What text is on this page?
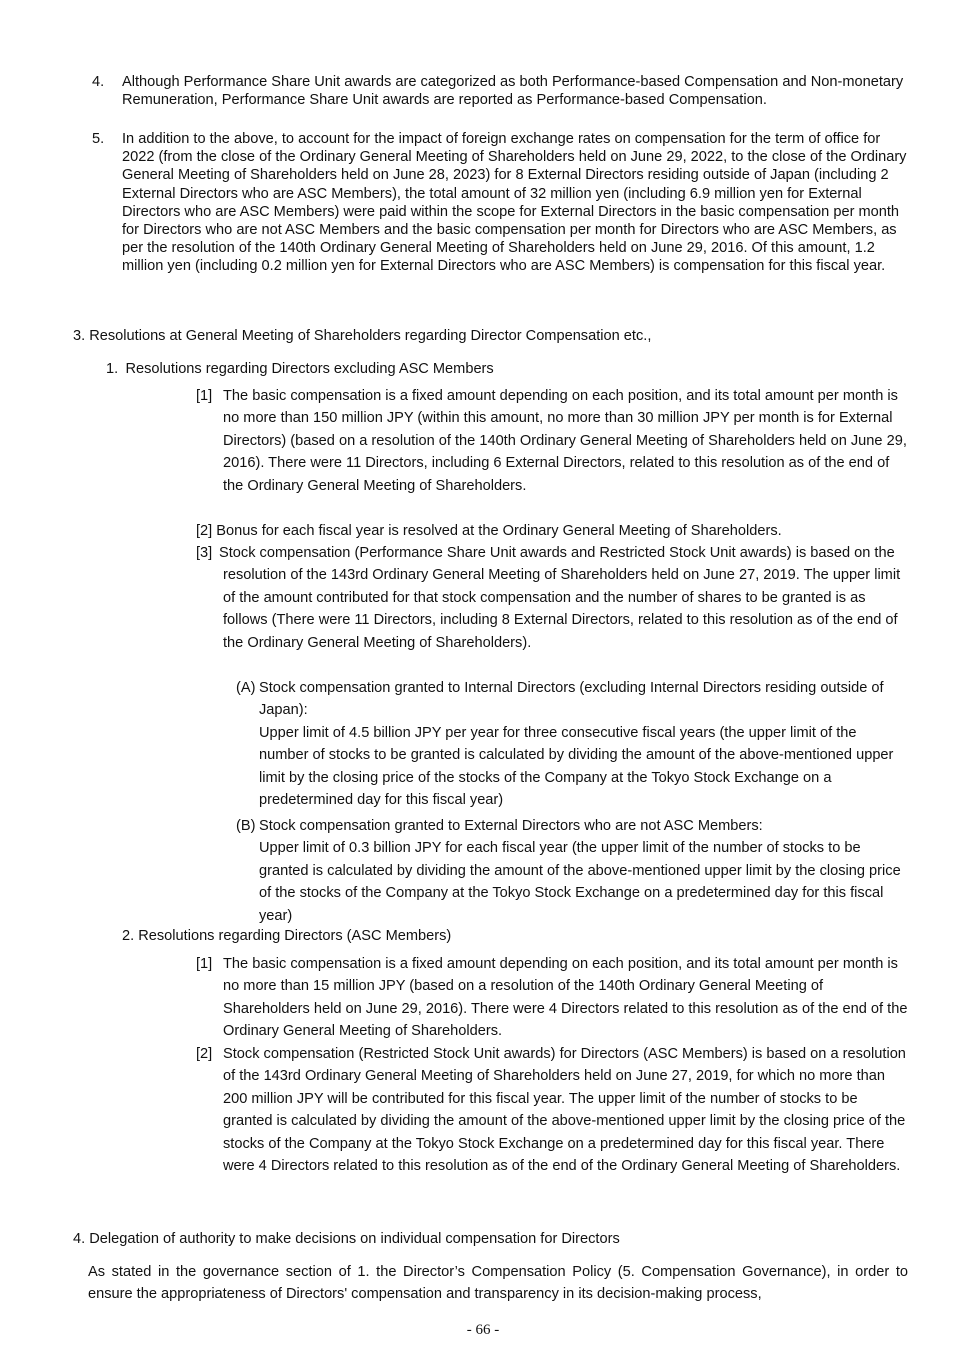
4. Although Performance Share Unit awards are categorized as both Performance-based Compensation and Non-monetary Remuneration, Performance Share Unit awards are reported as Performance-based Compensation.
5. In addition to the above, to account for the impact of foreign exchange rates on compensation for the term of office for 2022 (from the close of the Ordinary General Meeting of Shareholders held on June 29, 2022, to the close of the Ordinary General Meeting of Shareholders held on June 28, 2023) for 8 External Directors residing outside of Japan (including 2 External Directors who are ASC Members), the total amount of 32 million yen (including 6.9 million yen for External Directors who are ASC Members) were paid within the scope for External Directors in the basic compensation per month for Directors who are not ASC Members and the basic compensation per month for Directors who are ASC Members, as per the resolution of the 140th Ordinary General Meeting of Shareholders held on June 29, 2016. Of this amount, 1.2 million yen (including 0.2 million yen for External Directors who are ASC Members) is compensation for this fiscal year.
3. Resolutions at General Meeting of Shareholders regarding Director Compensation etc.,
1. Resolutions regarding Directors excluding ASC Members
[1] The basic compensation is a fixed amount depending on each position, and its total amount per month is no more than 150 million JPY (within this amount, no more than 30 million JPY per month is for External Directors) (based on a resolution of the 140th Ordinary General Meeting of Shareholders held on June 29, 2016). There were 11 Directors, including 6 External Directors, related to this resolution as of the end of the Ordinary General Meeting of Shareholders.
[2] Bonus for each fiscal year is resolved at the Ordinary General Meeting of Shareholders.
[3] Stock compensation (Performance Share Unit awards and Restricted Stock Unit awards) is based on the resolution of the 143rd Ordinary General Meeting of Shareholders held on June 27, 2019. The upper limit of the amount contributed for that stock compensation and the number of shares to be granted is as follows (There were 11 Directors, including 8 External Directors, related to this resolution as of the end of the Ordinary General Meeting of Shareholders).
(A) Stock compensation granted to Internal Directors (excluding Internal Directors residing outside of Japan):
Upper limit of 4.5 billion JPY per year for three consecutive fiscal years (the upper limit of the number of stocks to be granted is calculated by dividing the amount of the above-mentioned upper limit by the closing price of the stocks of the Company at the Tokyo Stock Exchange on a predetermined day for this fiscal year)
(B) Stock compensation granted to External Directors who are not ASC Members:
Upper limit of 0.3 billion JPY for each fiscal year (the upper limit of the number of stocks to be granted is calculated by dividing the amount of the above-mentioned upper limit by the closing price of the stocks of the Company at the Tokyo Stock Exchange on a predetermined day for this fiscal year)
2. Resolutions regarding Directors (ASC Members)
[1] The basic compensation is a fixed amount depending on each position, and its total amount per month is no more than 15 million JPY (based on a resolution of the 140th Ordinary General Meeting of Shareholders held on June 29, 2016). There were 4 Directors related to this resolution as of the end of the Ordinary General Meeting of Shareholders.
[2] Stock compensation (Restricted Stock Unit awards) for Directors (ASC Members) is based on a resolution of the 143rd Ordinary General Meeting of Shareholders held on June 27, 2019, for which no more than 200 million JPY will be contributed for this fiscal year. The upper limit of the number of stocks to be granted is calculated by dividing the amount of the above-mentioned upper limit by the closing price of the stocks of the Company at the Tokyo Stock Exchange on a predetermined day for this fiscal year. There were 4 Directors related to this resolution as of the end of the Ordinary General Meeting of Shareholders.
4. Delegation of authority to make decisions on individual compensation for Directors
As stated in the governance section of 1. the Director’s Compensation Policy (5. Compensation Governance), in order to ensure the appropriateness of Directors' compensation and transparency in its decision-making process,
- 66 -
